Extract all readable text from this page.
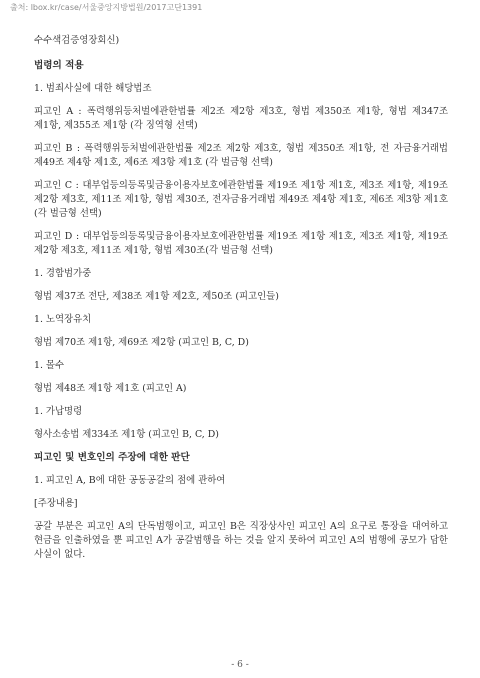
출처: lbox.kr/case/서울중앙지방법원/2017고단1391
수수색검증영장회신)
법령의 적용
1. 범죄사실에 대한 해당법조
피고인 A : 폭력행위등처벌에관한법률 제2조 제2항 제3호, 형법 제350조 제1항, 형법 제347조 제1항, 제355조 제1항 (각 징역형 선택)
피고인 B : 폭력행위등처벌에관한법률 제2조 제2항 제3호, 형법 제350조 제1항, 전 자금융거래법 제49조 제4항 제1호, 제6조 제3항 제1호 (각 벌금형 선택)
피고인 C : 대부업등의등록및금융이용자보호에관한법률 제19조 제1항 제1호, 제3조 제1항, 제19조 제2항 제3호, 제11조 제1항, 형법 제30조, 전자금융거래법 제49조 제4항 제1호, 제6조 제3항 제1호 (각 벌금형 선택)
피고인 D : 대부업등의등록및금융이용자보호에관한법률 제19조 제1항 제1호, 제3조 제1항, 제19조 제2항 제3호, 제11조 제1항, 형법 제30조(각 벌금형 선택)
1. 경합범가중
형법 제37조 전단, 제38조 제1항 제2호, 제50조 (피고인들)
1. 노역장유치
형법 제70조 제1항, 제69조 제2항 (피고인 B, C, D)
1. 몰수
형법 제48조 제1항 제1호 (피고인 A)
1. 가납명령
형사소송법 제334조 제1항 (피고인 B, C, D)
피고인 및 변호인의 주장에 대한 판단
1. 피고인 A, B에 대한 공동공갈의 점에 관하여
[주장내용]
공갈 부분은 피고인 A의 단독범행이고, 피고인 B은 직장상사인 피고인 A의 요구로 통장을 대여하고 현금을 인출하였을 뿐 피고인 A가 공갈범행을 하는 것을 알지 못하여 피고인 A의 범행에 공모가 담한 사실이 없다.
- 6 -
